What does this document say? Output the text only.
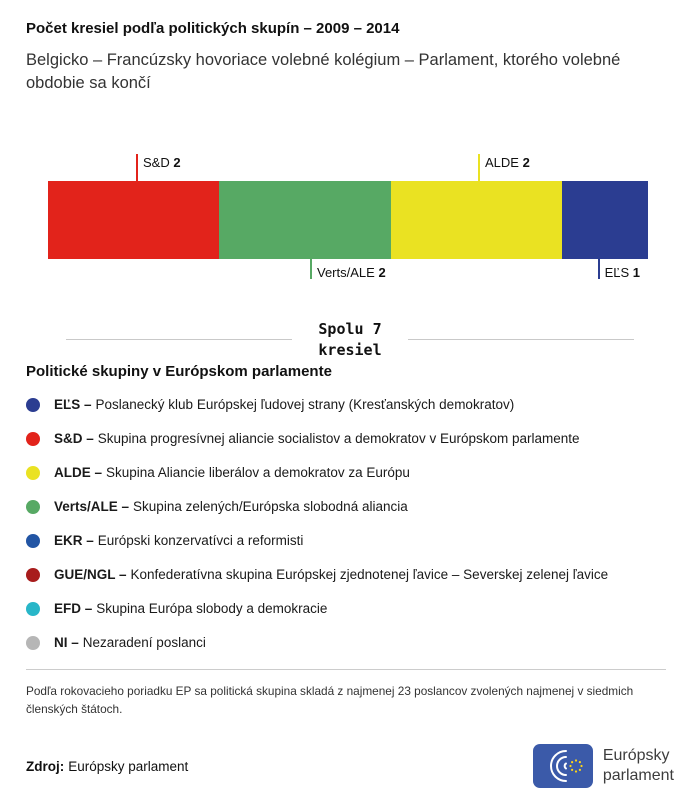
Počet kresiel podľa politických skupín – 2009 – 2014
Belgicko – Francúzsky hovoriace volebné kolégium – Parlament, ktorého volebné obdobie sa končí
S&D 2	ALDE 2
Verts/ALE 2	EĽS 1
Spolu 7
kresiel
Politické skupiny v Európskom parlamente
EĽS – Poslanecký klub Európskej ľudovej strany (Kresťanských demokratov)
S&D – Skupina progresívnej aliancie socialistov a demokratov v Európskom parlamente
ALDE – Skupina Aliancie liberálov a demokratov za Európu
Verts/ALE – Skupina zelených/Európska slobodná aliancia
EKR – Európski konzervatívci a reformisti
GUE/NGL – Konfederatívna skupina Európskej zjednotenej ľavice – Severskej zelenej ľavice
EFD – Skupina Európa slobody a demokracie
NI – Nezaradení poslanci
Podľa rokovacieho poriadku EP sa politická skupina skladá z najmenej 23 poslancov zvolených najmenej v siedmich členských štátoch.
Zdroj: Európsky parlament
Európsky
parlament
